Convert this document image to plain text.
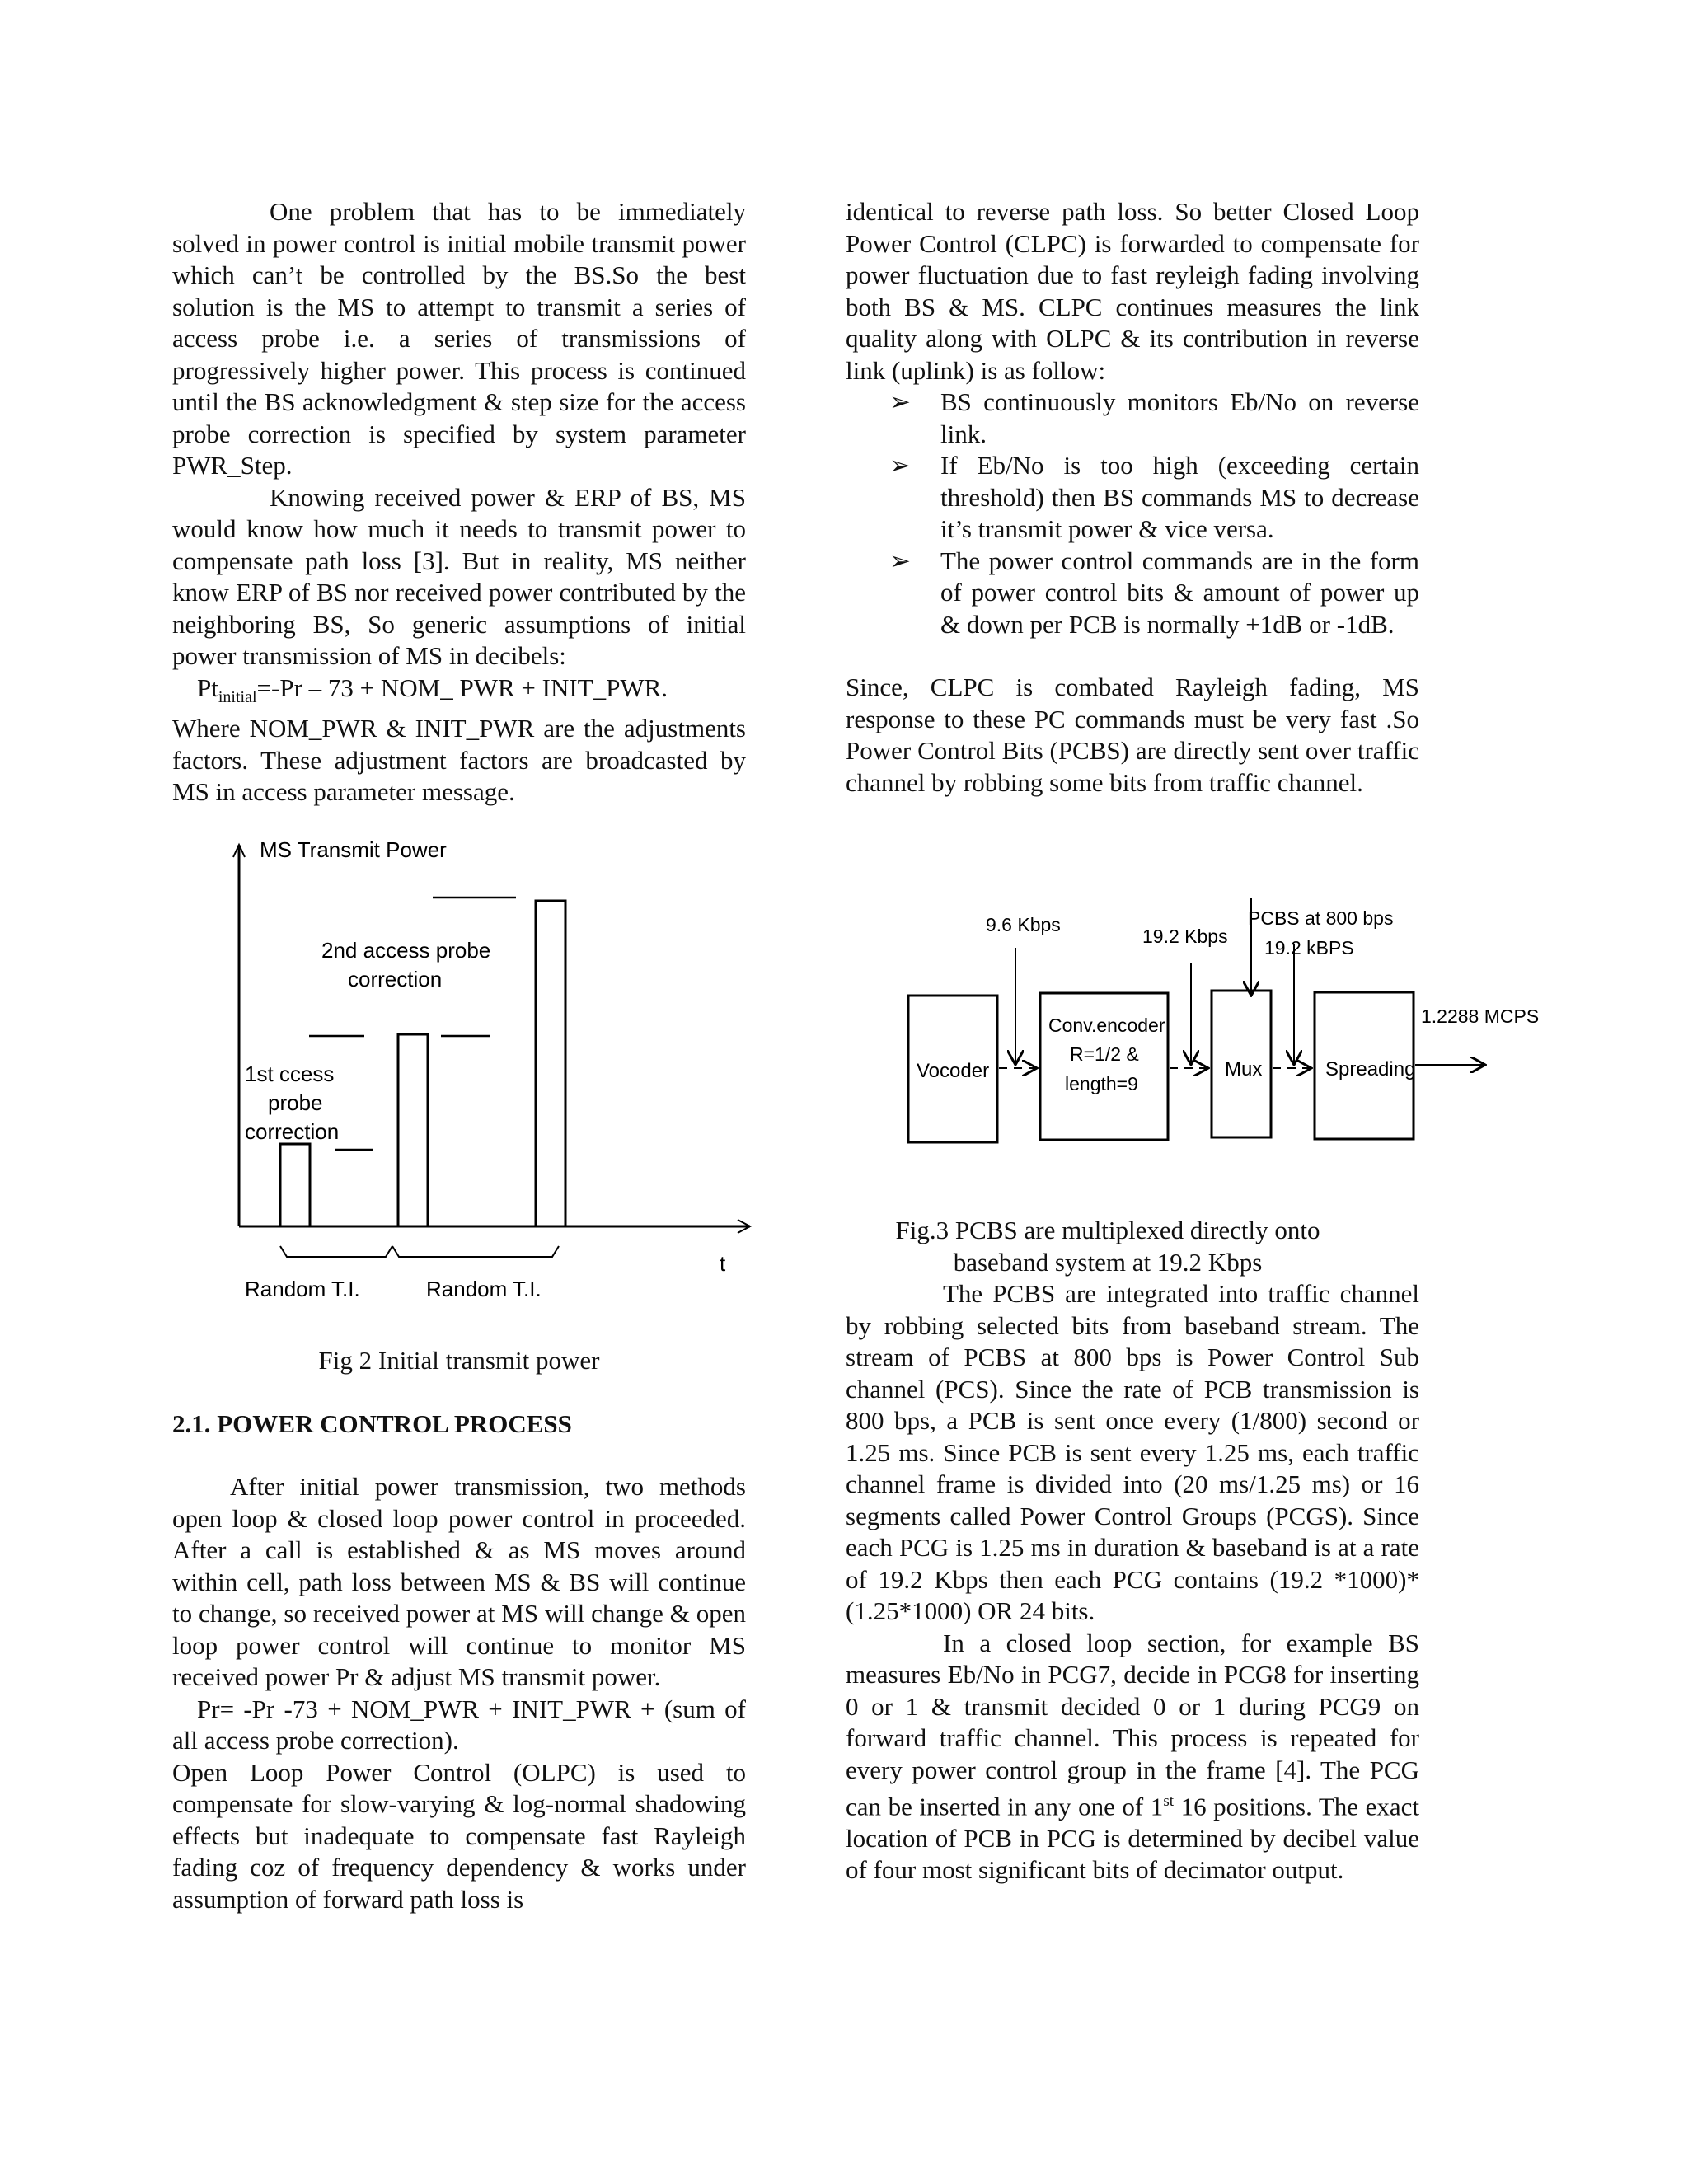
One problem that has to be immediately solved in power control is initial mobile transmit power which can’t be controlled by the BS.So the best solution is the MS to attempt to transmit a series of access probe i.e. a series of transmissions of progressively higher power. This process is continued until the BS acknowledgment & step size for the access probe correction is specified by system parameter PWR_Step.

Knowing received power & ERP of BS, MS would know how much it needs to transmit power to compensate path loss [3]. But in reality, MS neither know ERP of BS nor received power contributed by the neighboring BS, So generic assumptions of initial power transmission of MS in decibels:

$Pt_{initial}=-Pr - 73$ + NOM_ PWR + INIT_PWR.

Where NOM_PWR & INIT_PWR are the adjustments factors. These adjustment factors are broadcasted by MS in access parameter message.

MS Transmit Power
t
2nd access probe
correction
1st ccess
probe
correction
Random T.I.	Random T.I.

Fig 2 Initial transmit power

2.1. POWER CONTROL PROCESS

After initial power transmission, two methods open loop & closed loop power control in proceeded. After a call is established & as MS moves around within cell, path loss between MS & BS will continue to change, so received power at MS will change & open loop power control will continue to monitor MS received power Pr & adjust MS transmit power.

Pr= -Pr -73 + NOM_PWR + INIT_PWR + (sum of all access probe correction).

Open Loop Power Control (OLPC) is used to compensate for slow-varying & log-normal shadowing effects but inadequate to compensate fast Rayleigh fading coz of frequency dependency & works under assumption of forward path loss is

identical to reverse path loss. So better Closed Loop Power Control (CLPC) is forwarded to compensate for power fluctuation due to fast reyleigh fading involving both BS & MS. CLPC continues measures the link quality along with OLPC & its contribution in reverse link (uplink) is as follow:

➢ BS continuously monitors Eb/No on reverse link.
➢ If Eb/No is too high (exceeding certain threshold) then BS commands MS to decrease it’s transmit power & vice versa.
➢ The power control commands are in the form of power control bits & amount of power up & down per PCB is normally +1dB or -1dB.

Since, CLPC is combated Rayleigh fading, MS response to these PC commands must be very fast .So Power Control Bits (PCBS) are directly sent over traffic channel by robbing some bits from traffic channel.

Vocoder
Conv.encoder
R=1/2 &
length=9
Mux	Spreading
9.6 Kbps
19.2 Kbps
PCBS at 800 bps
19.2 kBPS
1.2288 MCPS

Fig.3 PCBS are multiplexed directly onto

baseband system at 19.2 Kbps

The PCBS are integrated into traffic channel by robbing selected bits from baseband stream. The stream of PCBS at 800 bps is Power Control Sub channel (PCS). Since the rate of PCB transmission is 800 bps, a PCB is sent once every (1/800) second or 1.25 ms. Since PCB is sent every 1.25 ms, each traffic channel frame is divided into (20 ms/1.25 ms) or 16 segments called Power Control Groups (PCGS). Since each PCG is 1.25 ms in duration & baseband is at a rate of 19.2 Kbps then each PCG contains (19.2 *1000)*(1.25*1000) OR 24 bits.

In a closed loop section, for example BS measures Eb/No in PCG7, decide in PCG8 for inserting 0 or 1 & transmit decided 0 or 1 during PCG9 on forward traffic channel. This process is repeated for every power control group in the frame [4]. The PCG can be inserted in any one of 1st 16 positions. The exact location of PCB in PCG is determined by decibel value of four most significant bits of decimator output.
